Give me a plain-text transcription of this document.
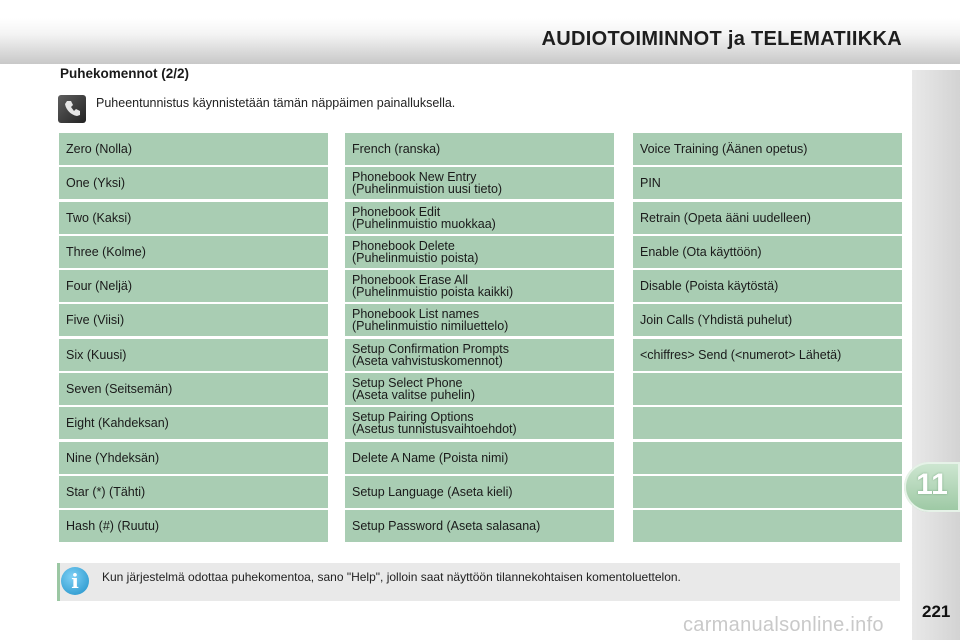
AUDIOTOIMINNOT ja TELEMATIIKKA
11
Puhekomennot (2/2)
Puheentunnistus käynnistetään tämän näppäimen painalluksella.
Zero (Nolla)
One (Yksi)
Two (Kaksi)
Three (Kolme)
Four (Neljä)
Five (Viisi)
Six (Kuusi)
Seven (Seitsemän)
Eight (Kahdeksan)
Nine (Yhdeksän)
Star (*) (Tähti)
Hash (#) (Ruutu)
French (ranska)
Phonebook New Entry
(Puhelinmuistion uusi tieto)
Phonebook Edit
(Puhelinmuistio muokkaa)
Phonebook Delete
(Puhelinmuistio poista)
Phonebook Erase All
(Puhelinmuistio poista kaikki)
Phonebook List names
(Puhelinmuistio nimiluettelo)
Setup Confirmation Prompts
(Aseta vahvistuskomennot)
Setup Select Phone
(Aseta valitse puhelin)
Setup Pairing Options
(Asetus tunnistusvaihtoehdot)
Delete A Name (Poista nimi)
Setup Language (Aseta kieli)
Setup Password (Aseta salasana)
Voice Training (Äänen opetus)
PIN
Retrain (Opeta ääni uudelleen)
Enable (Ota käyttöön)
Disable (Poista käytöstä)
Join Calls (Yhdistä puhelut)
<chiffres> Send (<numerot> Lähetä)
i	Kun järjestelmä odottaa puhekomentoa, sano "Help", jolloin saat näyttöön tilannekohtaisen komentoluettelon.
221
carmanualsonline.info
